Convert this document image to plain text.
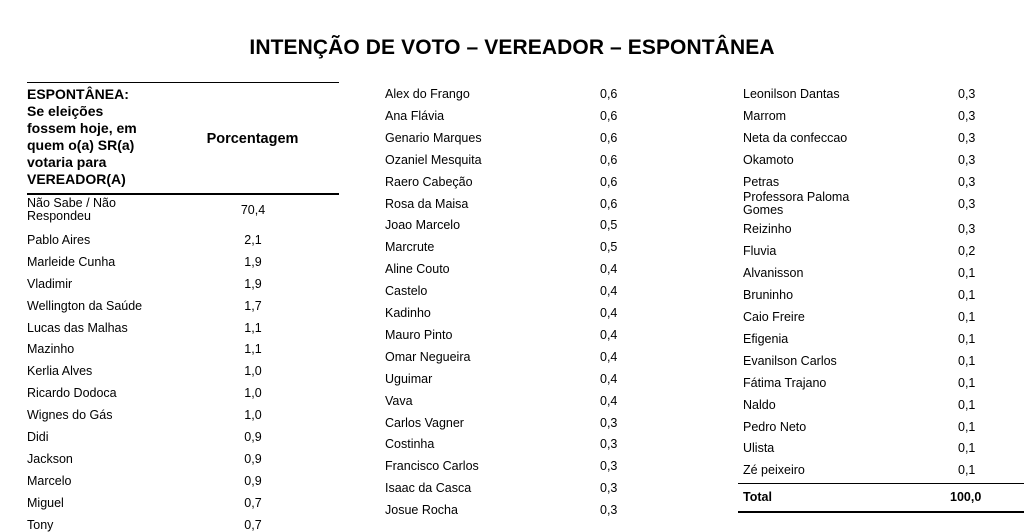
INTENÇÃO DE VOTO – VEREADOR – ESPONTÂNEA
ESPONTÂNEA:
Se eleições
fossem hoje, em
quem o(a) SR(a)
votaria para
VEREADOR(A)
Porcentagem
Não Sabe / Não Respondeu	70,4
Pablo Aires	2,1
Marleide Cunha	1,9
Vladimir	1,9
Wellington da Saúde	1,7
Lucas das Malhas	1,1
Mazinho	1,1
Kerlia Alves	1,0
Ricardo Dodoca	1,0
Wignes do Gás	1,0
Didi	0,9
Jackson	0,9
Marcelo	0,9
Miguel	0,7
Tony	0,7
Alex do Frango	0,6
Ana Flávia	0,6
Genario Marques	0,6
Ozaniel Mesquita	0,6
Raero Cabeção	0,6
Rosa da Maisa	0,6
Joao Marcelo	0,5
Marcrute	0,5
Aline Couto	0,4
Castelo	0,4
Kadinho	0,4
Mauro Pinto	0,4
Omar Negueira	0,4
Uguimar	0,4
Vava	0,4
Carlos Vagner	0,3
Costinha	0,3
Francisco Carlos	0,3
Isaac da Casca	0,3
Josue Rocha	0,3
Leonilson Dantas	0,3
Marrom	0,3
Neta da confeccao	0,3
Okamoto	0,3
Petras	0,3
Professora Paloma Gomes	0,3
Reizinho	0,3
Fluvia	0,2
Alvanisson	0,1
Bruninho	0,1
Caio Freire	0,1
Efigenia	0,1
Evanilson Carlos	0,1
Fátima Trajano	0,1
Naldo	0,1
Pedro Neto	0,1
Ulista	0,1
Zé peixeiro	0,1
Total	100,0
